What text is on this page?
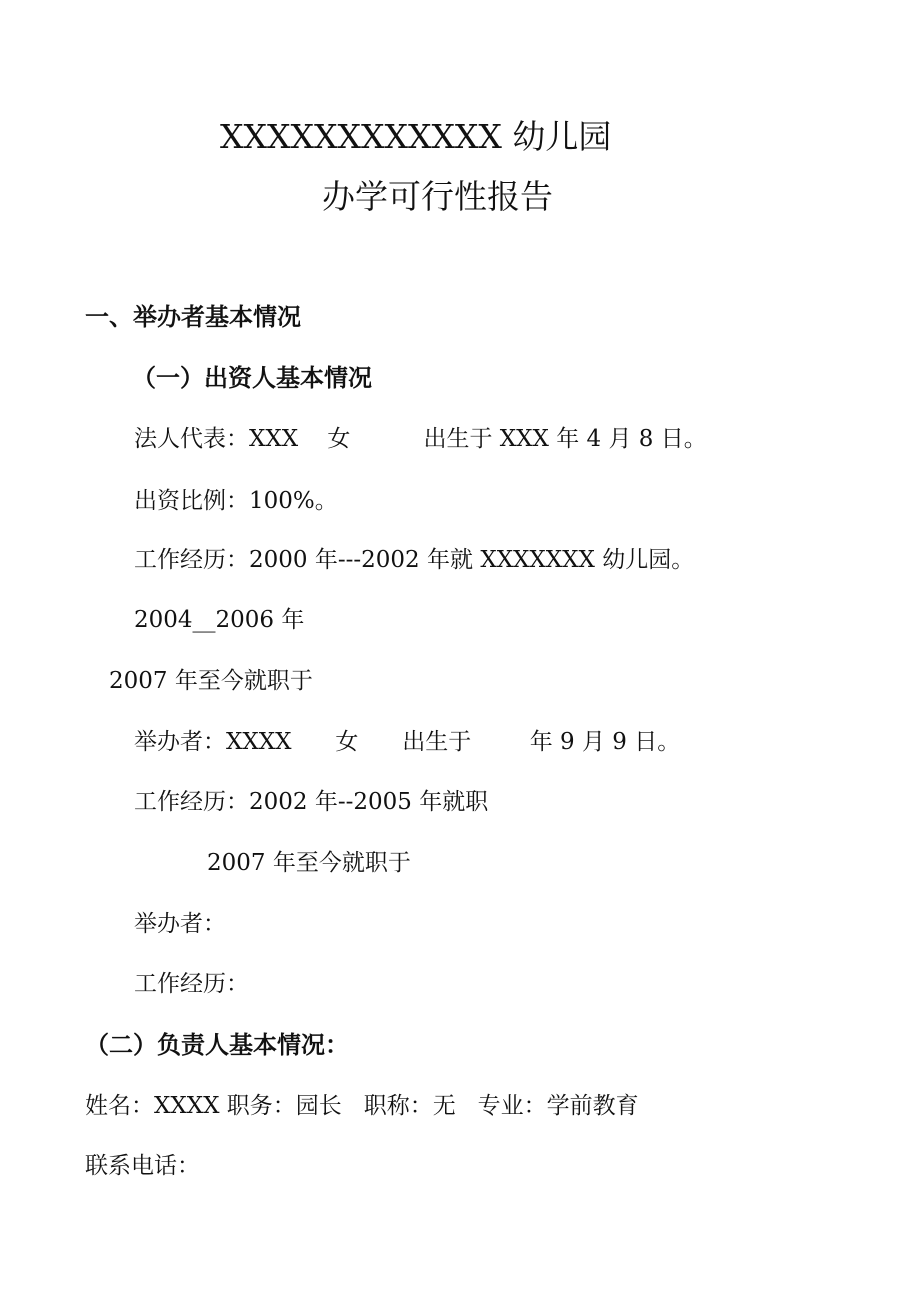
XXXXXXXXXXXX 幼儿园
办学可行性报告
一、举办者基本情况
（一）出资人基本情况
法人代表：XXX    女          出生于 XXX 年 4 月 8 日。
出资比例：100%。
工作经历：2000 年---2002 年就 XXXXXXX 幼儿园。
2004__2006 年
2007 年至今就职于
举办者：XXXX      女      出生于        年 9 月 9 日。
工作经历：2002 年--2005 年就职
2007 年至今就职于
举办者：
工作经历：
（二）负责人基本情况：
姓名：XXXX 职务：园长   职称：无   专业：学前教育
联系电话：
